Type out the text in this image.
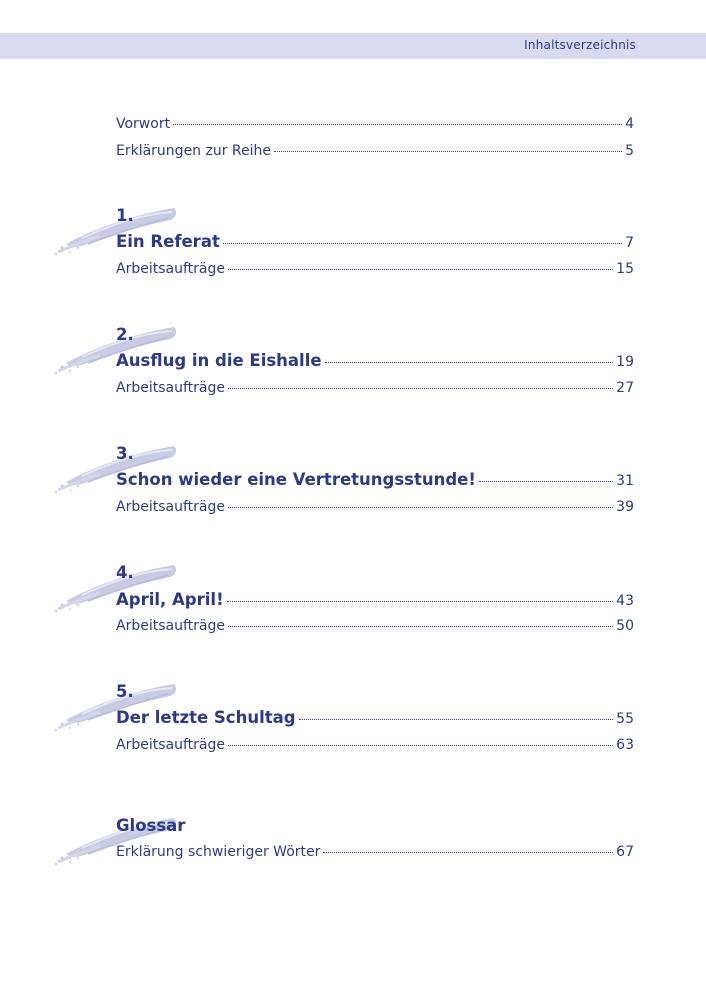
Inhaltsverzeichnis
Vorwort	4
Erklärungen zur Reihe	5
1.
Ein Referat	7
Arbeitsaufträge	15
2.
Ausflug in die Eishalle	19
Arbeitsaufträge	27
3.
Schon wieder eine Vertretungsstunde!	31
Arbeitsaufträge	39
4.
April, April!	43
Arbeitsaufträge	50
5.
Der letzte Schultag	55
Arbeitsaufträge	63
Glossar
Erklärung schwieriger Wörter	67
